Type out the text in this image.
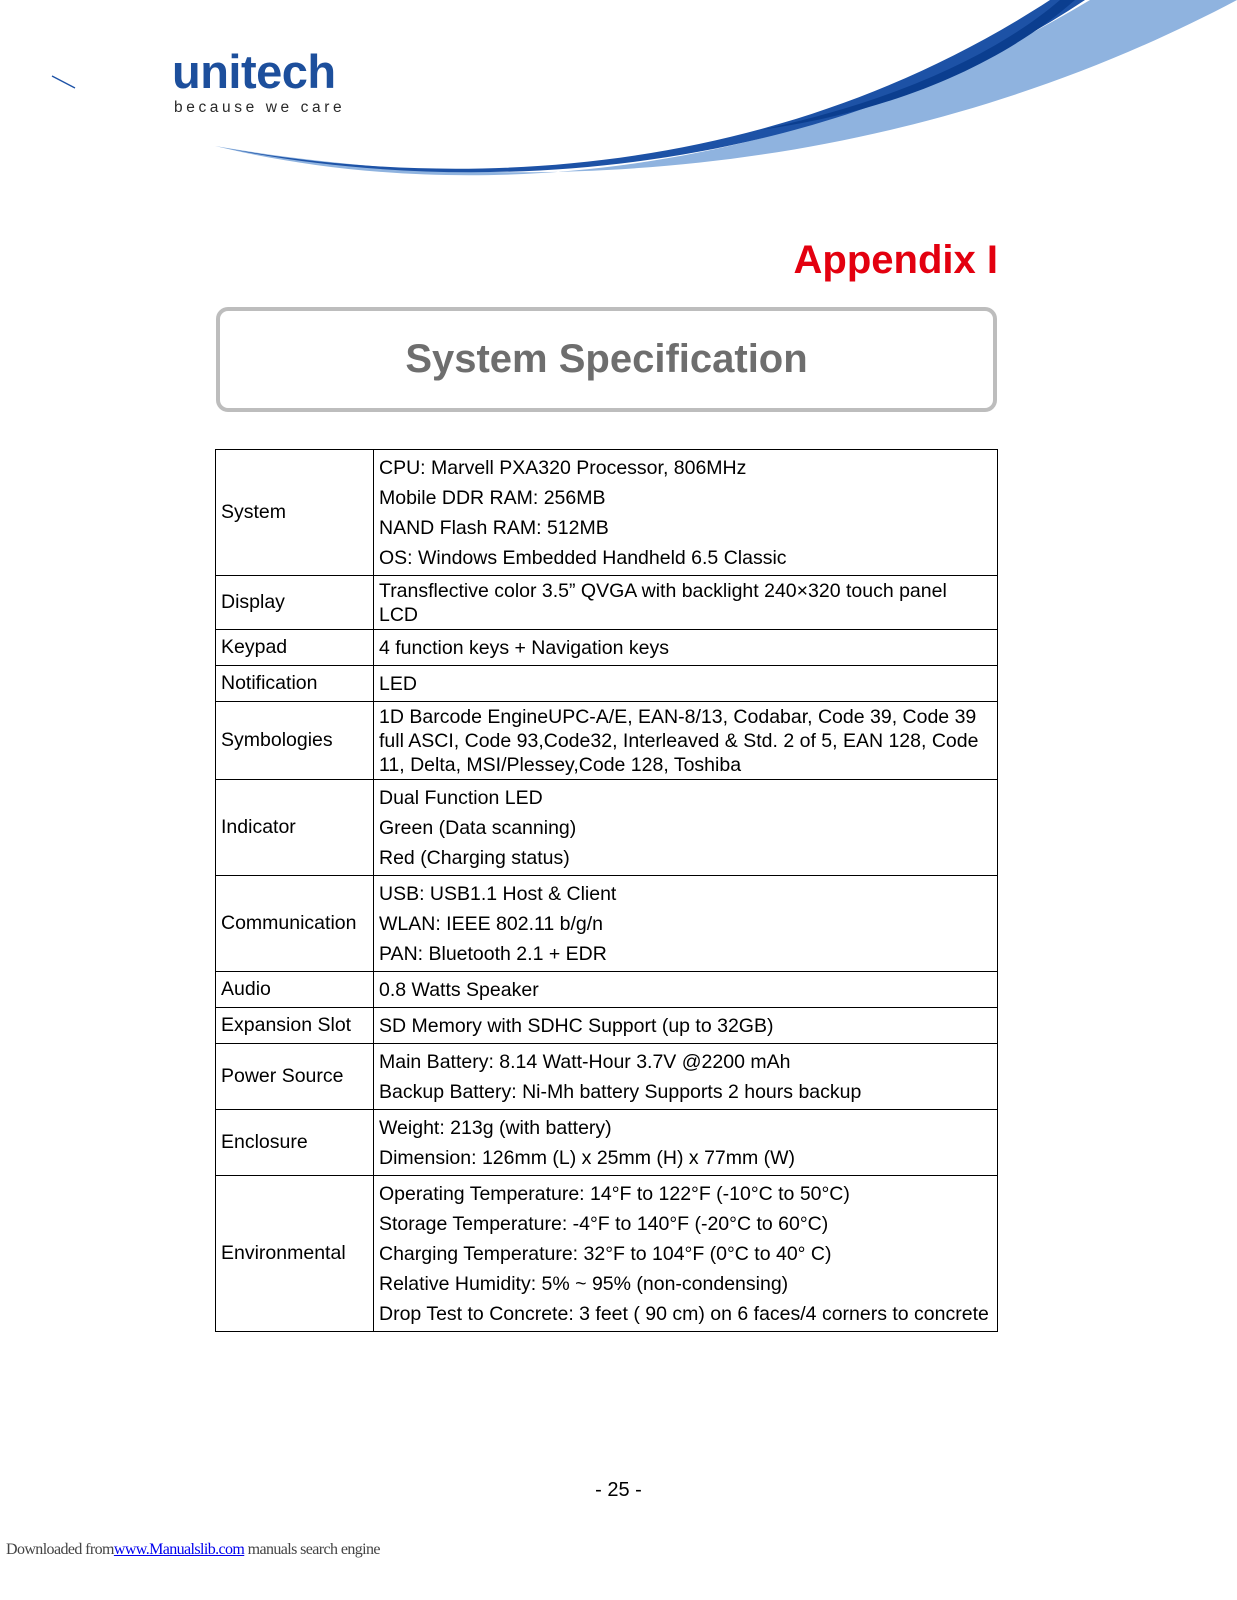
unitech
because we care
Appendix I
System Specification
System	CPU: Marvell PXA320 Processor, 806MHz
Mobile DDR RAM: 256MB
NAND Flash RAM: 512MB
OS: Windows Embedded Handheld 6.5 Classic

Display	Transflective color 3.5” QVGA with backlight 240×320 touch panel LCD

Keypad	4 function keys + Navigation keys

Notification	LED

Symbologies	1D Barcode EngineUPC-A/E, EAN-8/13, Codabar, Code 39, Code 39 full ASCI, Code 93,Code32, Interleaved & Std. 2 of 5, EAN 128, Code 11, Delta, MSI/Plessey,Code 128, Toshiba

Indicator	Dual Function LED
Green (Data scanning)
Red (Charging status)

Communication	USB: USB1.1 Host & Client
WLAN: IEEE 802.11 b/g/n
PAN: Bluetooth 2.1 + EDR

Audio	0.8 Watts Speaker

Expansion Slot	SD Memory with SDHC Support (up to 32GB)

Power Source	Main Battery: 8.14 Watt-Hour 3.7V @2200 mAh
Backup Battery: Ni-Mh battery Supports 2 hours backup

Enclosure	Weight: 213g (with battery)
Dimension: 126mm (L) x 25mm (H) x 77mm (W)

Environmental	Operating Temperature: 14°F to 122°F (-10°C to 50°C)
Storage Temperature: -4°F to 140°F (-20°C to 60°C)
Charging Temperature: 32°F to 104°F (0°C to 40° C)
Relative Humidity: 5% ~ 95% (non-condensing)
Drop Test to Concrete: 3 feet ( 90 cm) on 6 faces/4 corners to concrete
- 25 -
Downloaded fromwww.Manualslib.com manuals search engine
